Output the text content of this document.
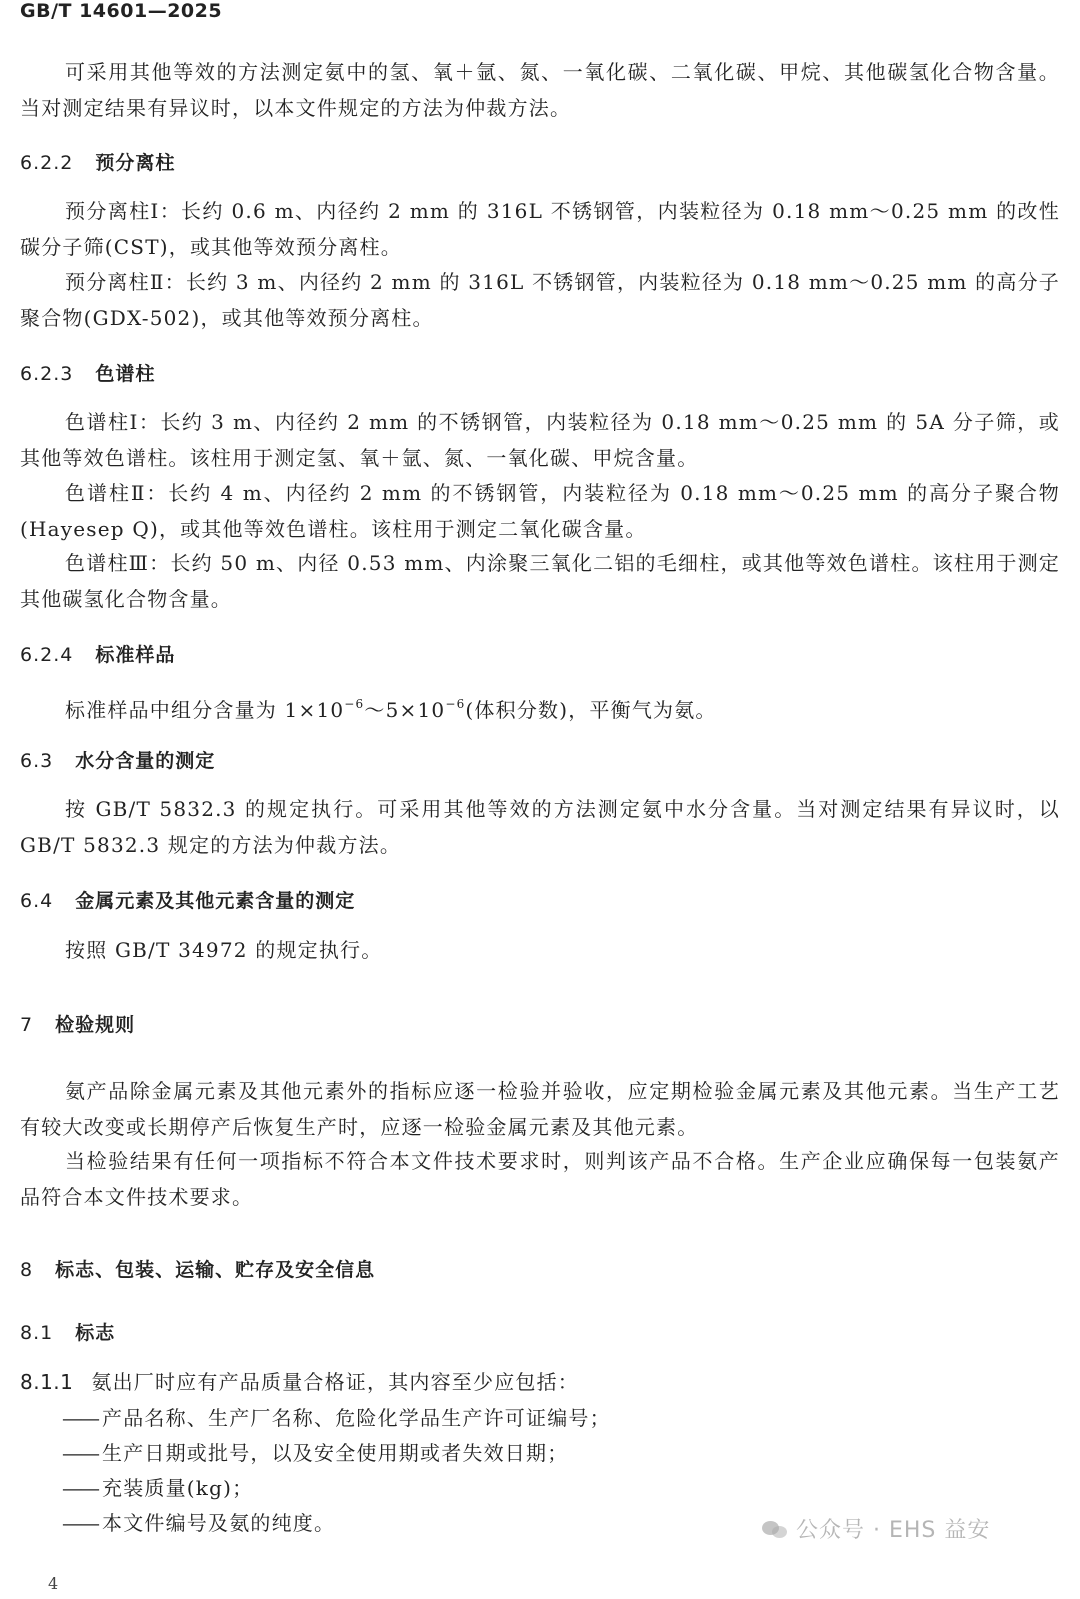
GB/T 14601—2025
可采用其他等效的方法测定氨中的氢、氧＋氩、氮、一氧化碳、二氧化碳、甲烷、其他碳氢化合物含量。当对测定结果有异议时，以本文件规定的方法为仲裁方法。
6.2.2 预分离柱
预分离柱Ⅰ：长约 0.6 m、内径约 2 mm 的 316L 不锈钢管，内装粒径为 0.18 mm～0.25 mm 的改性碳分子筛(CST)，或其他等效预分离柱。
预分离柱Ⅱ：长约 3 m、内径约 2 mm 的 316L 不锈钢管，内装粒径为 0.18 mm～0.25 mm 的高分子聚合物(GDX-502)，或其他等效预分离柱。
6.2.3 色谱柱
色谱柱Ⅰ：长约 3 m、内径约 2 mm 的不锈钢管，内装粒径为 0.18 mm～0.25 mm 的 5A 分子筛，或其他等效色谱柱。该柱用于测定氢、氧＋氩、氮、一氧化碳、甲烷含量。
色谱柱Ⅱ：长约 4 m、内径约 2 mm 的不锈钢管，内装粒径为 0.18 mm～0.25 mm 的高分子聚合物(Hayesep Q)，或其他等效色谱柱。该柱用于测定二氧化碳含量。
色谱柱Ⅲ：长约 50 m、内径 0.53 mm、内涂聚三氧化二铝的毛细柱，或其他等效色谱柱。该柱用于测定其他碳氢化合物含量。
6.2.4 标准样品
标准样品中组分含量为 $1\times 10^{-6}\sim 5\times 10^{-6}$(体积分数)，平衡气为氨。
6.3 水分含量的测定
按 GB/T 5832.3 的规定执行。可采用其他等效的方法测定氨中水分含量。当对测定结果有异议时，以 GB/T 5832.3 规定的方法为仲裁方法。
6.4 金属元素及其他元素含量的测定
按照 GB/T 34972 的规定执行。
7 检验规则
氨产品除金属元素及其他元素外的指标应逐一检验并验收，应定期检验金属元素及其他元素。当生产工艺有较大改变或长期停产后恢复生产时，应逐一检验金属元素及其他元素。
当检验结果有任何一项指标不符合本文件技术要求时，则判该产品不合格。生产企业应确保每一包装氨产品符合本文件技术要求。
8 标志、包装、运输、贮存及安全信息
8.1 标志
8.1.1 氨出厂时应有产品质量合格证，其内容至少应包括：
—— 产品名称、生产厂名称、危险化学品生产许可证编号；
—— 生产日期或批号，以及安全使用期或者失效日期；
—— 充装质量(kg)；
—— 本文件编号及氨的纯度。	公众号 · EHS 益安
4
